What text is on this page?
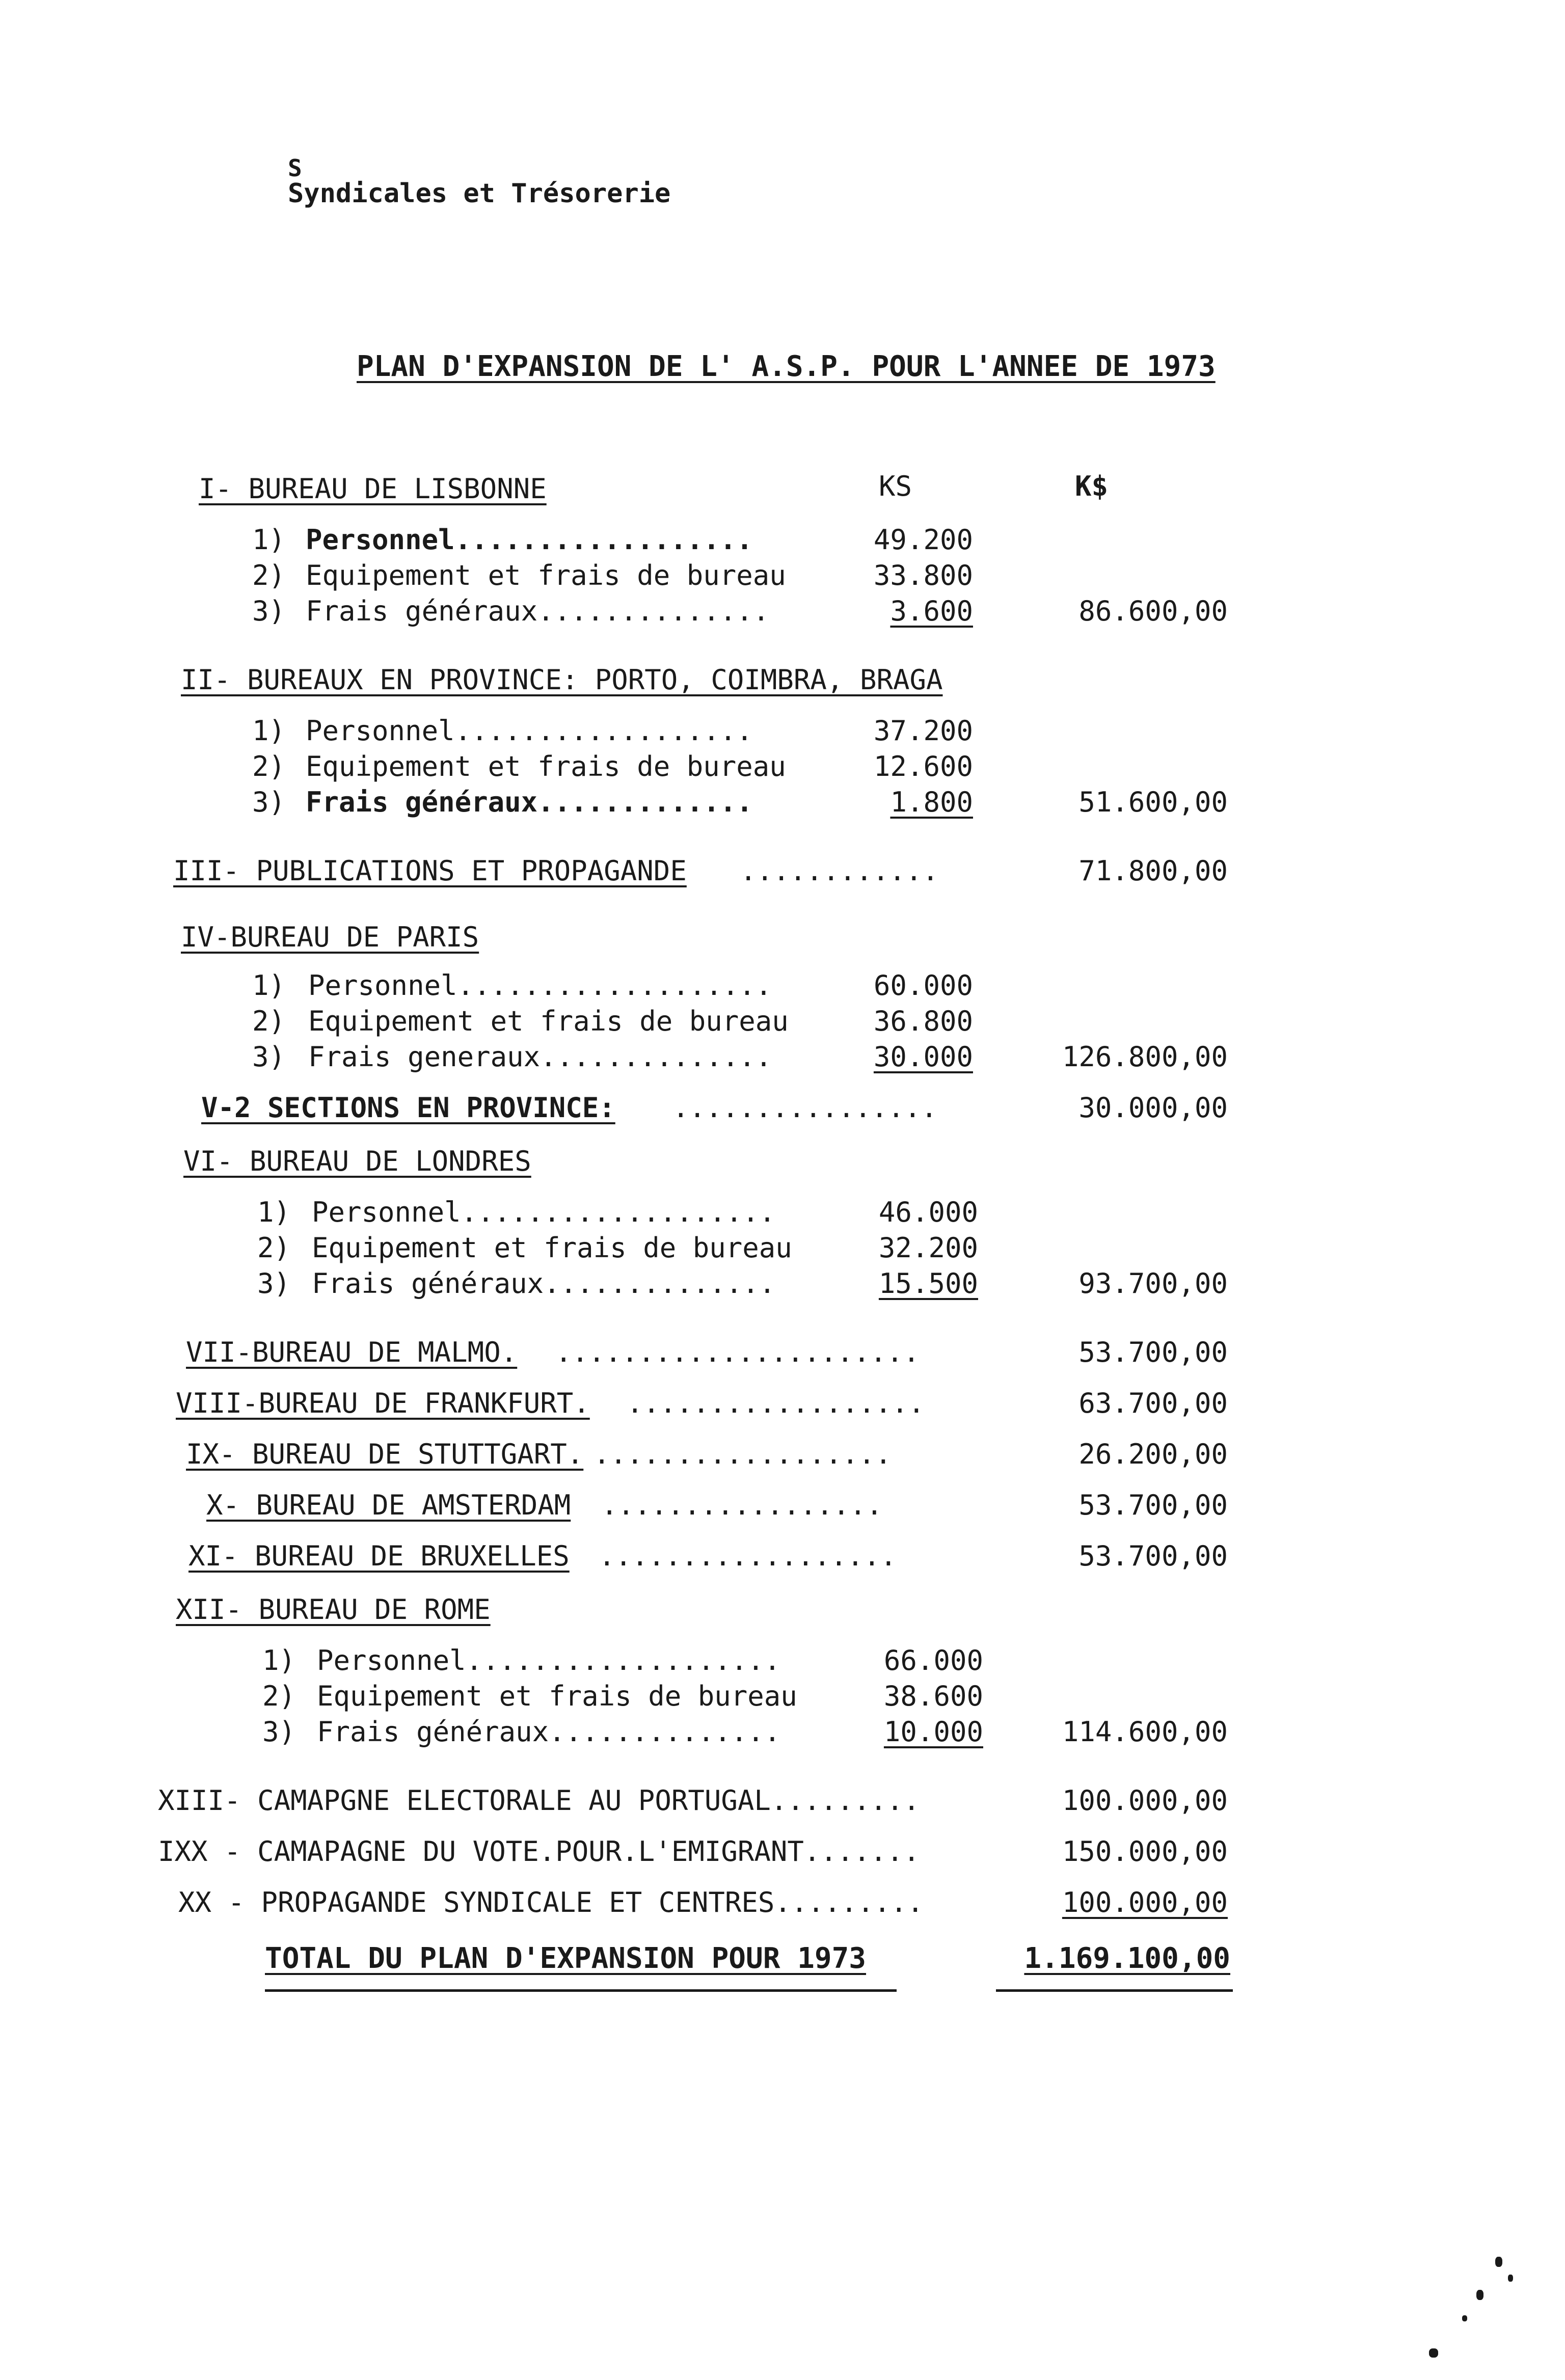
S
Syndicales et Trésorerie
PLAN D'EXPANSION DE L' A.S.P. POUR L'ANNEE DE 1973
KS	K$
I- BUREAU DE LISBONNE
1) Personnel..................	49.200
2) Equipement et frais de bureau	33.800
3) Frais généraux..............	3.600	86.600,00
II- BUREAUX EN PROVINCE: PORTO, COIMBRA, BRAGA
1) Personnel..................	37.200
2) Equipement et frais de bureau	12.600
3) Frais généraux.............	1.800	51.600,00
III- PUBLICATIONS ET PROPAGANDE ............	71.800,00
IV-BUREAU DE PARIS
1) Personnel...................	60.000
2) Equipement et frais de bureau	36.800
3) Frais generaux..............	30.000	126.800,00
V-2 SECTIONS EN PROVINCE: ................	30.000,00
VI- BUREAU DE LONDRES
1) Personnel...................	46.000
2) Equipement et frais de bureau	32.200
3) Frais généraux..............	15.500	93.700,00
VII-BUREAU DE MALMO. ......................	53.700,00
VIII-BUREAU DE FRANKFURT. ..................	63.700,00
IX- BUREAU DE STUTTGART. ..................	26.200,00
X- BUREAU DE AMSTERDAM .................	53.700,00
XI- BUREAU DE BRUXELLES ..................	53.700,00
XII- BUREAU DE ROME
1) Personnel...................	66.000
2) Equipement et frais de bureau	38.600
3) Frais généraux..............	10.000	114.600,00
XIII- CAMAPGNE ELECTORALE AU PORTUGAL.........	100.000,00
IXX - CAMAPAGNE DU VOTE.POUR.L'EMIGRANT.......	150.000,00
XX - PROPAGANDE SYNDICALE ET CENTRES.........	100.000,00
TOTAL DU PLAN D'EXPANSION POUR 1973	1.169.100,00
